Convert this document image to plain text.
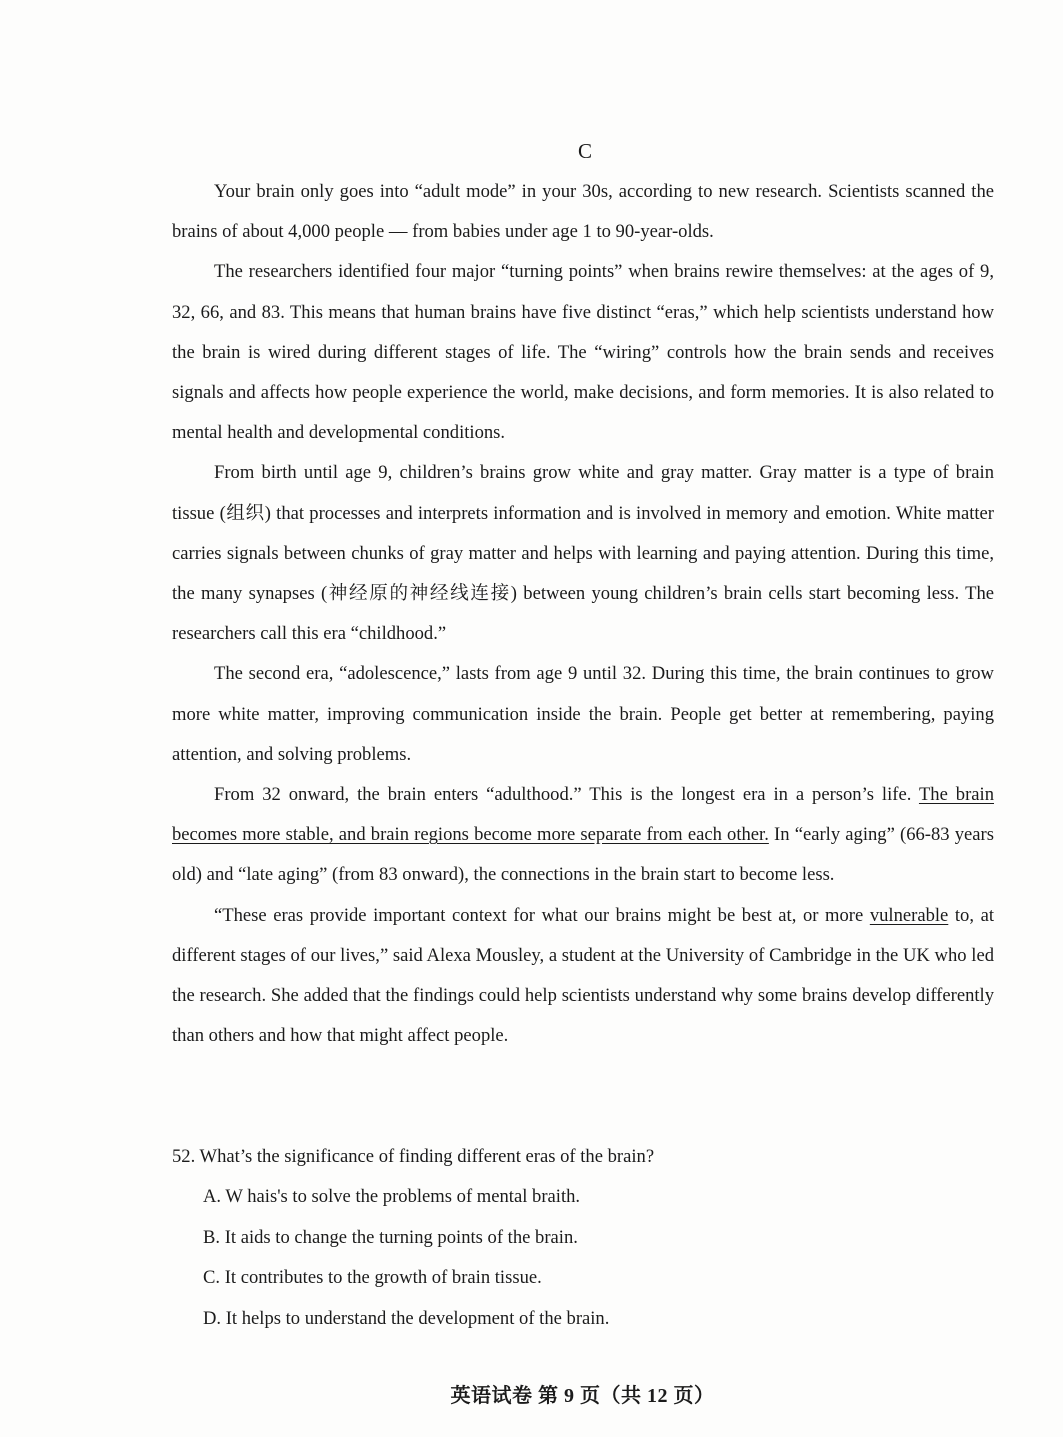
C

Your brain only goes into “adult mode” in your 30s, according to new research. Scientists scanned the brains of about 4,000 people — from babies under age 1 to 90-year-olds.

The researchers identified four major “turning points” when brains rewire themselves: at the ages of 9, 32, 66, and 83. This means that human brains have five distinct “eras,” which help scientists understand how the brain is wired during different stages of life. The “wiring” controls how the brain sends and receives signals and affects how people experience the world, make decisions, and form memories. It is also related to mental health and developmental conditions.

From birth until age 9, children’s brains grow white and gray matter. Gray matter is a type of brain tissue (组织) that processes and interprets information and is involved in memory and emotion. White matter carries signals between chunks of gray matter and helps with learning and paying attention. During this time, the many synapses (神经原的神经线连接) between young children’s brain cells start becoming less. The researchers call this era “childhood.”

The second era, “adolescence,” lasts from age 9 until 32. During this time, the brain continues to grow more white matter, improving communication inside the brain. People get better at remembering, paying attention, and solving problems.

From 32 onward, the brain enters “adulthood.” This is the longest era in a person’s life. The brain becomes more stable, and brain regions become more separate from each other. In “early aging” (66-83 years old) and “late aging” (from 83 onward), the connections in the brain start to become less.

“These eras provide important context for what our brains might be best at, or more vulnerable to, at different stages of our lives,” said Alexa Mousley, a student at the University of Cambridge in the UK who led the research. She added that the findings could help scientists understand why some brains develop differently than others and how that might affect people.

52. What’s the significance of finding different eras of the brain?

A. W hais's to solve the problems of mental braith.
B. It aids to change the turning points of the brain.
C. It contributes to the growth of brain tissue.
D. It helps to understand the development of the brain.
英语试卷 第 9 页（共 12 页）
